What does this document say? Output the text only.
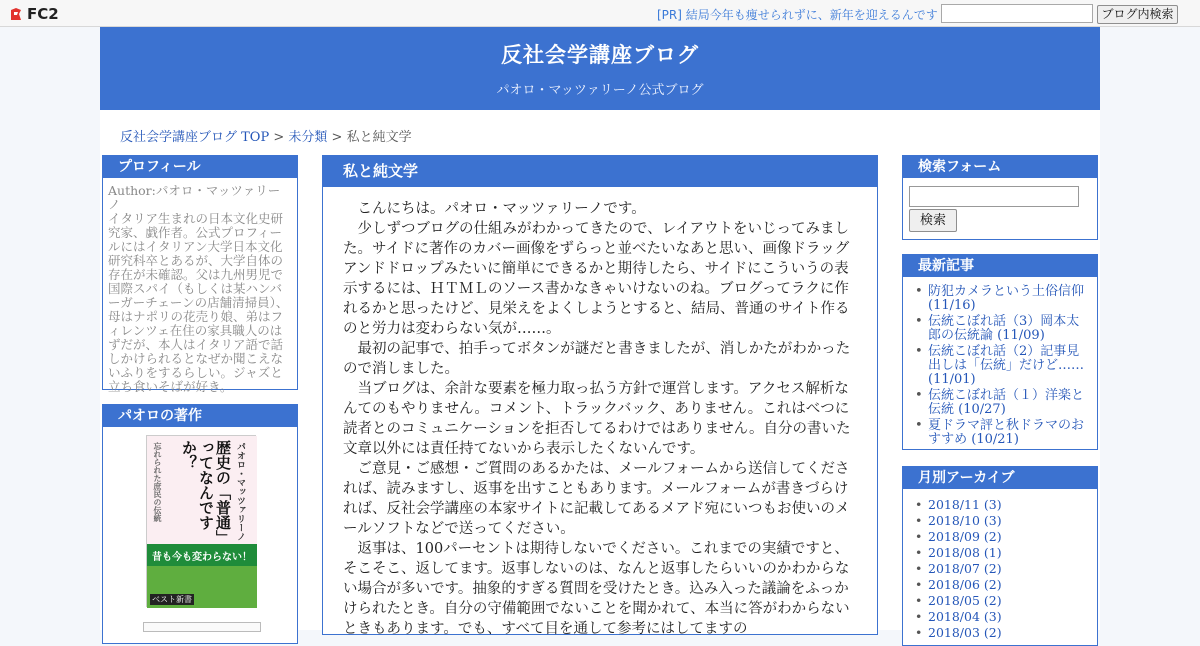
FC2	[PR] 結局今年も痩せられずに、新年を迎えるんです	ブログ内検索
反社会学講座ブログ
パオロ・マッツァリーノ公式ブログ
反社会学講座ブログ TOP > 未分類 > 私と純文学
プロフィール
Author:パオロ・マッツァリーノ
イタリア生まれの日本文化史研究家、戯作者。公式プロフィールにはイタリアン大学日本文化研究科卒とあるが、大学自体の存在が未確認。父は九州男児で国際スパイ（もしくは某ハンバーガーチェーンの店舗清掃員）、母はナポリの花売り娘、弟はフィレンツェ在住の家具職人のはずだが、本人はイタリア語で話しかけられるとなぜか聞こえないふりをするらしい。ジャズと立ち食いそばが好き。
パオロの著作
パオロ・マッツァリーノ
歴史の「普通」ってなんですか？
忘れられた庶民の伝統
昔も今も変わらない！
ベスト新書
私と純文学

こんにちは。パオロ・マッツァリーノです。

少しずつブログの仕組みがわかってきたので、レイアウトをいじってみました。サイドに著作のカバー画像をずらっと並べたいなあと思い、画像ドラッグアンドドロップみたいに簡単にできるかと期待したら、サイドにこういうの表示するには、ＨＴＭＬのソース書かなきゃいけないのね。ブログってラクに作れるかと思ったけど、見栄えをよくしようとすると、結局、普通のサイト作るのと労力は変わらない気が……。

最初の記事で、拍手ってボタンが謎だと書きましたが、消しかたがわかったので消しました。

当ブログは、余計な要素を極力取っ払う方針で運営します。アクセス解析なんてのもやりません。コメント、トラックバック、ありません。これはべつに読者とのコミュニケーションを拒否してるわけではありません。自分の書いた文章以外には責任持てないから表示したくないんです。

ご意見・ご感想・ご質問のあるかたは、メールフォームから送信してくだされば、読みますし、返事を出すこともあります。メールフォームが書きづらければ、反社会学講座の本家サイトに記載してあるメアド宛にいつもお使いのメールソフトなどで送ってください。

返事は、100パーセントは期待しないでください。これまでの実績ですと、そこそこ、返してます。返事しないのは、なんと返事したらいいのかわからない場合が多いです。抽象的すぎる質問を受けたとき。込み入った議論をふっかけられたとき。自分の守備範囲でないことを聞かれて、本当に答がわからないときもあります。でも、すべて目を通して参考にはしてますの

検索フォーム
検索
最新記事
• 防犯カメラという土俗信仰 (11/16)
• 伝統こぼれ話（3）岡本太郎の伝統論 (11/09)
• 伝統こぼれ話（2）記事見出しは「伝統」だけど…… (11/01)
• 伝統こぼれ話（１）洋楽と伝統 (10/27)
• 夏ドラマ評と秋ドラマのおすすめ (10/21)
月別アーカイブ
• 2018/11 (3)
• 2018/10 (3)
• 2018/09 (2)
• 2018/08 (1)
• 2018/07 (2)
• 2018/06 (2)
• 2018/05 (2)
• 2018/04 (3)
• 2018/03 (2)
